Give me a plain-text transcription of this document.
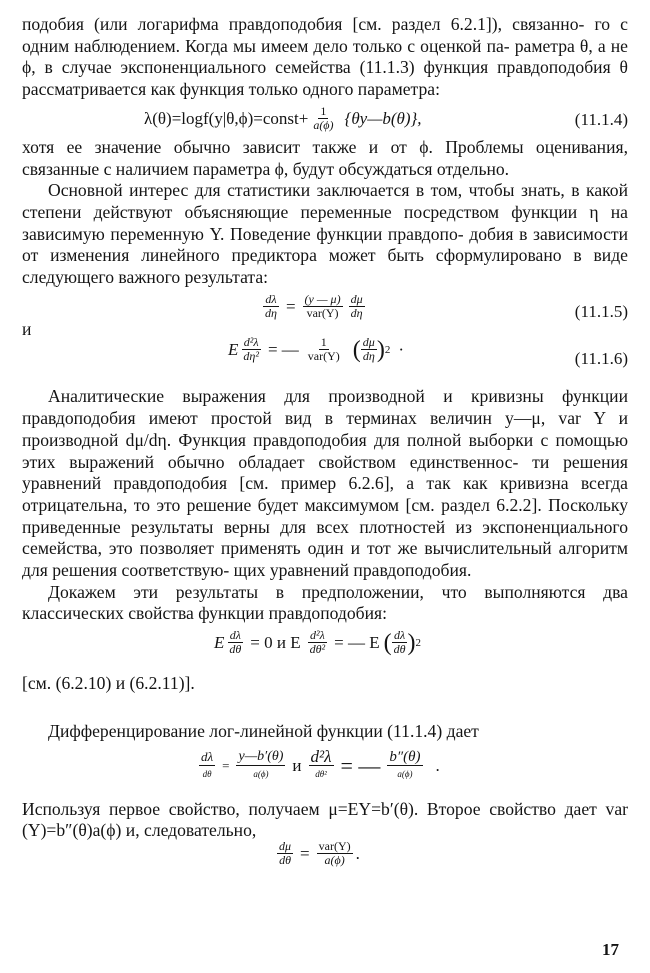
подобия (или логарифма правдоподобия [см. раздел 6.2.1]), связанно- го с одним наблюдением. Когда мы имеем дело только с оценкой па- раметра θ, а не ϕ, в случае экспоненциального семейства (11.1.3) функция правдоподобия θ рассматривается как функция только одного параметра:

λ(θ)=logf(y|θ,ϕ)=const+ $\frac{1}{a(\phi)}$ {θy—b(θ)},	(11.1.4)

хотя ее значение обычно зависит также и от ϕ. Проблемы оценивания, связанные с наличием параметра ϕ, будут обсуждаться отдельно.

Основной интерес для статистики заключается в том, чтобы знать, в какой степени действуют объясняющие переменные посредством функции η на зависимую переменную Y. Поведение функции правдопо- добия в зависимости от изменения линейного предиктора может быть сформулировано в виде следующего важного результата:

$\frac{d\lambda}{d\eta} = \frac{(y — \mu)}{\text{var(Y)}} \frac{d\mu}{d\eta}$	(11.1.5)

и

E $\frac{\text{d²λ}}{\text{dη²}}$ = — $\frac{1}{\text{var(Y)}}$ ( $\frac{d\mu}{d\eta}$ ) 2 ·	(11.1.6)

Аналитические выражения для производной и кривизны функции правдоподобия имеют простой вид в терминах величин y—μ, var Y и производной dμ/dη. Функция правдоподобия для полной выборки с помощью этих выражений обычно обладает свойством единственнос- ти решения уравнений правдоподобия [см. пример 6.2.6], а так как кривизна всегда отрицательна, то это решение будет максимумом [см. раздел 6.2.2]. Поскольку приведенные результаты верны для всех плотностей из экспоненциального семейства, это позволяет применять один и тот же вычислительный алгоритм для решения соответствую- щих уравнений правдоподобия.

Докажем эти результаты в предположении, что выполняются два классических свойства функции правдоподобия:

E $\frac{d\lambda}{d\theta} = 0$ и E $\frac{\text{d²λ}}{\text{dθ²}}$ = — E ( $\frac{d\lambda}{d\theta}$ ) 2

[см. (6.2.10) и (6.2.11)].

Дифференцирование лог-линейной функции (11.1.4) дает

$\frac{d\lambda}{d\theta} = \frac{y—b'(\theta)}{a(\phi)}$ и $\frac{\text{d²λ}}{\text{dθ²}}$ = — $\frac{b''(\theta)}{a(\phi)}$ .

Используя первое свойство, получаем μ=EY=b′(θ). Второе свойство дает var (Y)=b″(θ)a(ϕ) и, следовательно,

$\frac{d\mu}{d\theta} = \frac{\text{var(Y)}}{a(\phi)}$ .
17
